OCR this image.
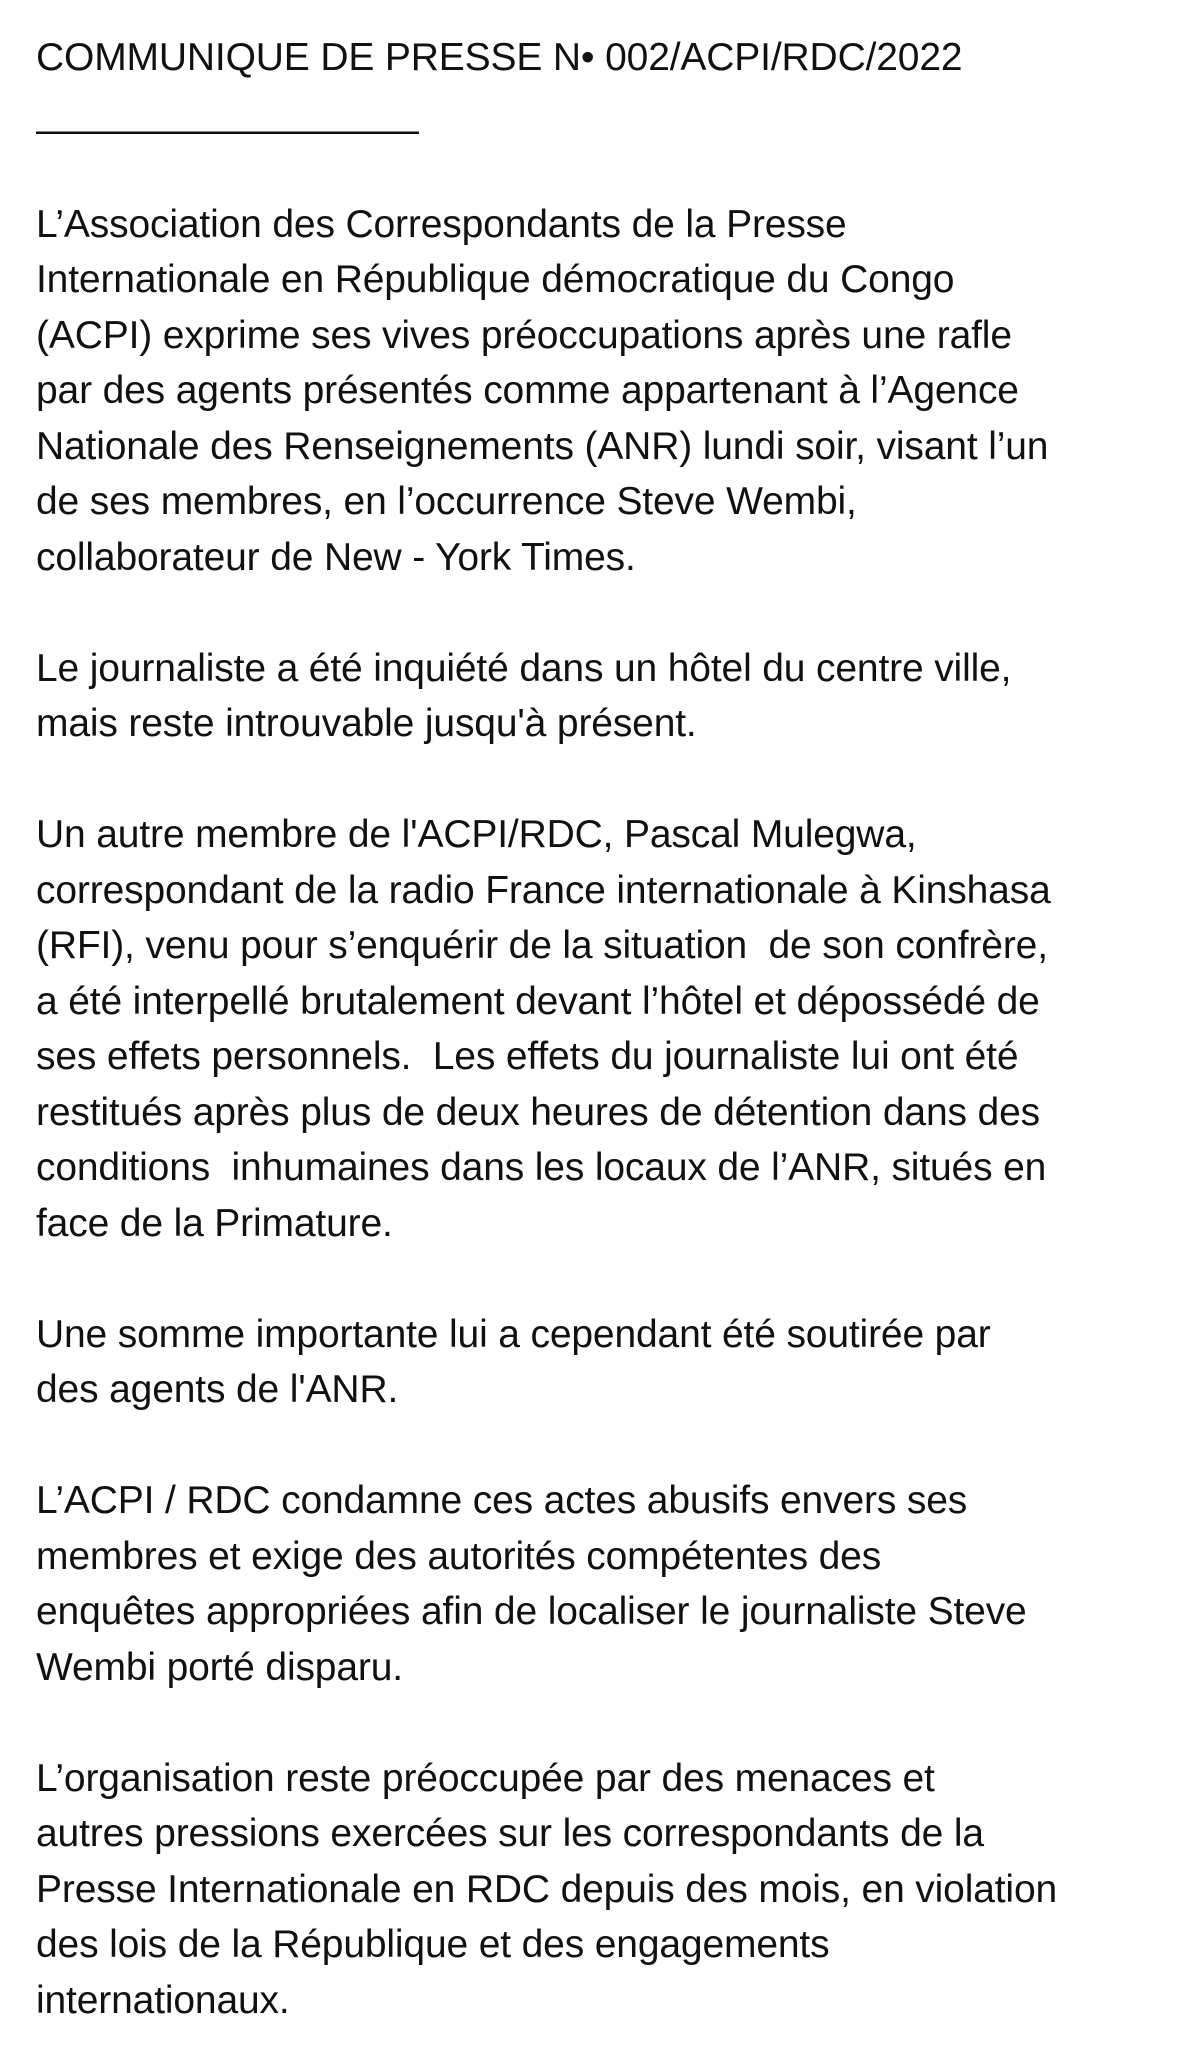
COMMUNIQUE DE PRESSE N• 002/ACPI/RDC/2022
________________________
L’Association des Correspondants de la Presse
Internationale en République démocratique du Congo
(ACPI) exprime ses vives préoccupations après une rafle
par des agents présentés comme appartenant à l’Agence
Nationale des Renseignements (ANR) lundi soir, visant l’un
de ses membres, en l’occurrence Steve Wembi,
collaborateur de New - York Times.
Le journaliste a été inquiété dans un hôtel du centre ville,
mais reste introuvable jusqu'à présent.
Un autre membre de l'ACPI/RDC, Pascal Mulegwa,
correspondant de la radio France internationale à Kinshasa
(RFI), venu pour s’enquérir de la situation  de son confrère,
a été interpellé brutalement devant l’hôtel et dépossédé de
ses effets personnels.  Les effets du journaliste lui ont été
restitués après plus de deux heures de détention dans des
conditions  inhumaines dans les locaux de l’ANR, situés en
face de la Primature.
Une somme importante lui a cependant été soutirée par
des agents de l'ANR.
L’ACPI / RDC condamne ces actes abusifs envers ses
membres et exige des autorités compétentes des
enquêtes appropriées afin de localiser le journaliste Steve
Wembi porté disparu.
L’organisation reste préoccupée par des menaces et
autres pressions exercées sur les correspondants de la
Presse Internationale en RDC depuis des mois, en violation
des lois de la République et des engagements
internationaux.
